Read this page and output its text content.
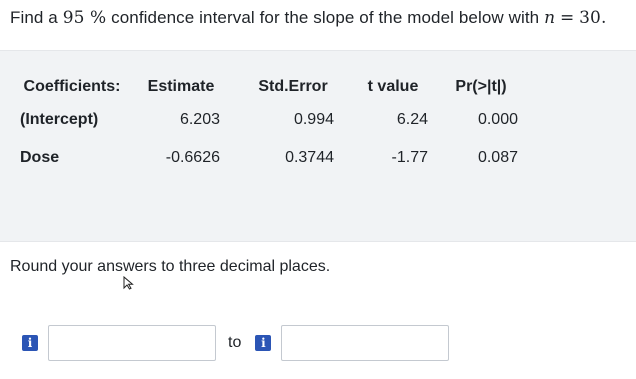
Find a 95 % confidence interval for the slope of the model below with n = 30.
Coefficients:	Estimate	Std.Error	t value	Pr(>|t|)
(Intercept)	6.203	0.994	6.24	0.000
Dose	-0.6626	0.3744	-1.77	0.087
Round your answers to three decimal places.
i	to	i
